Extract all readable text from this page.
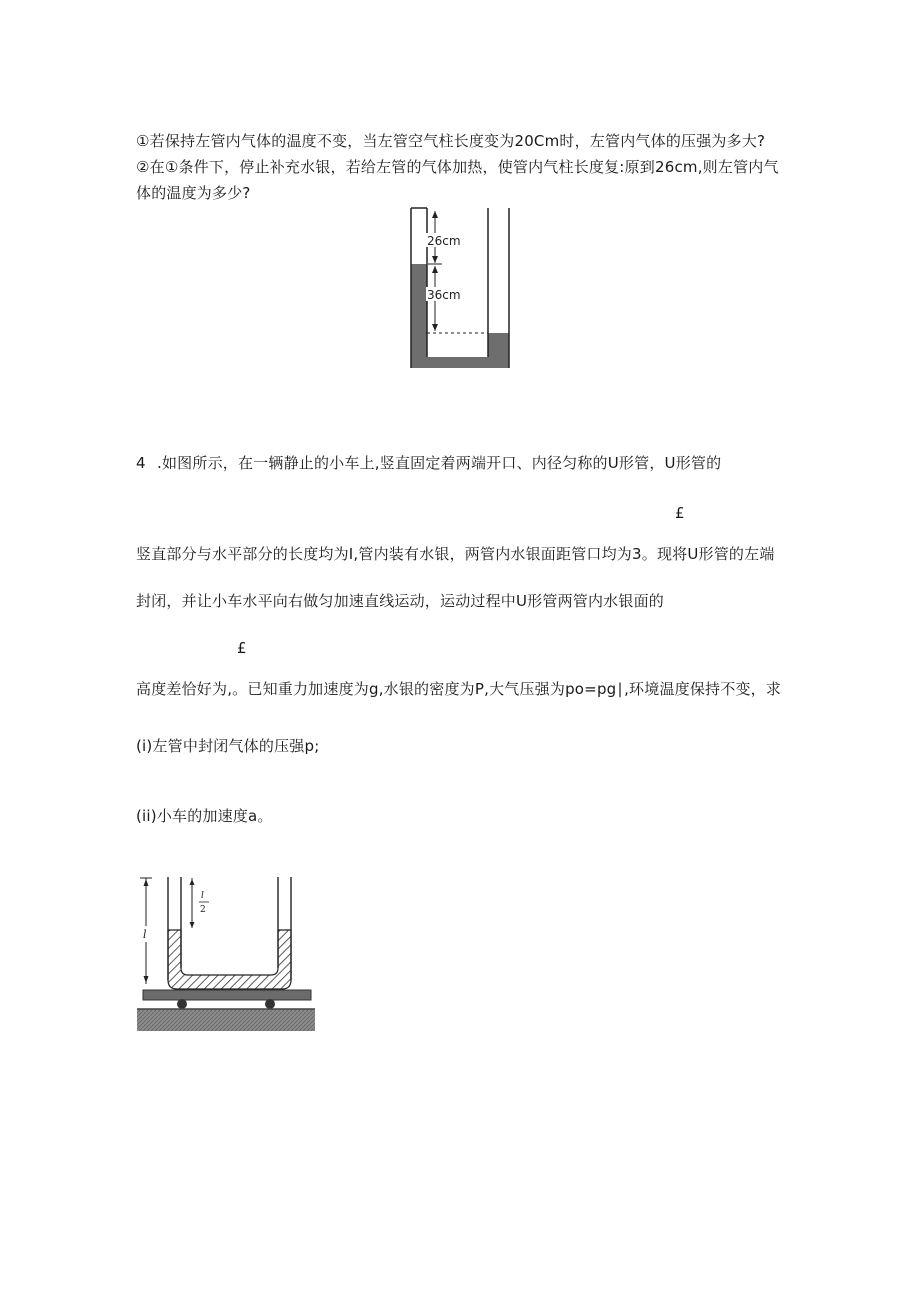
①若保持左管内气体的温度不变，当左管空气柱长度变为20Cm时，左管内气体的压强为多大?
②在①条件下，停止补充水银，若给左管的气体加热，使管内气柱长度复:原到26cm,则左管内气
体的温度为多少?
26cm
36cm
4 .如图所示，在一辆静止的小车上,竖直固定着两端开口、内径匀称的U形管，U形管的
£
竖直部分与水平部分的长度均为I,管内装有水银，两管内水银面距管口均为3。现将U形管的左端
封闭，并让小车水平向右做匀加速直线运动，运动过程中U形管两管内水银面的
£
高度差恰好为,。已知重力加速度为g,水银的密度为P,大气压强为po=pg∣,环境温度保持不变，求
(i)左管中封闭气体的压强p;
(ii)小车的加速度a。
l
l
2
